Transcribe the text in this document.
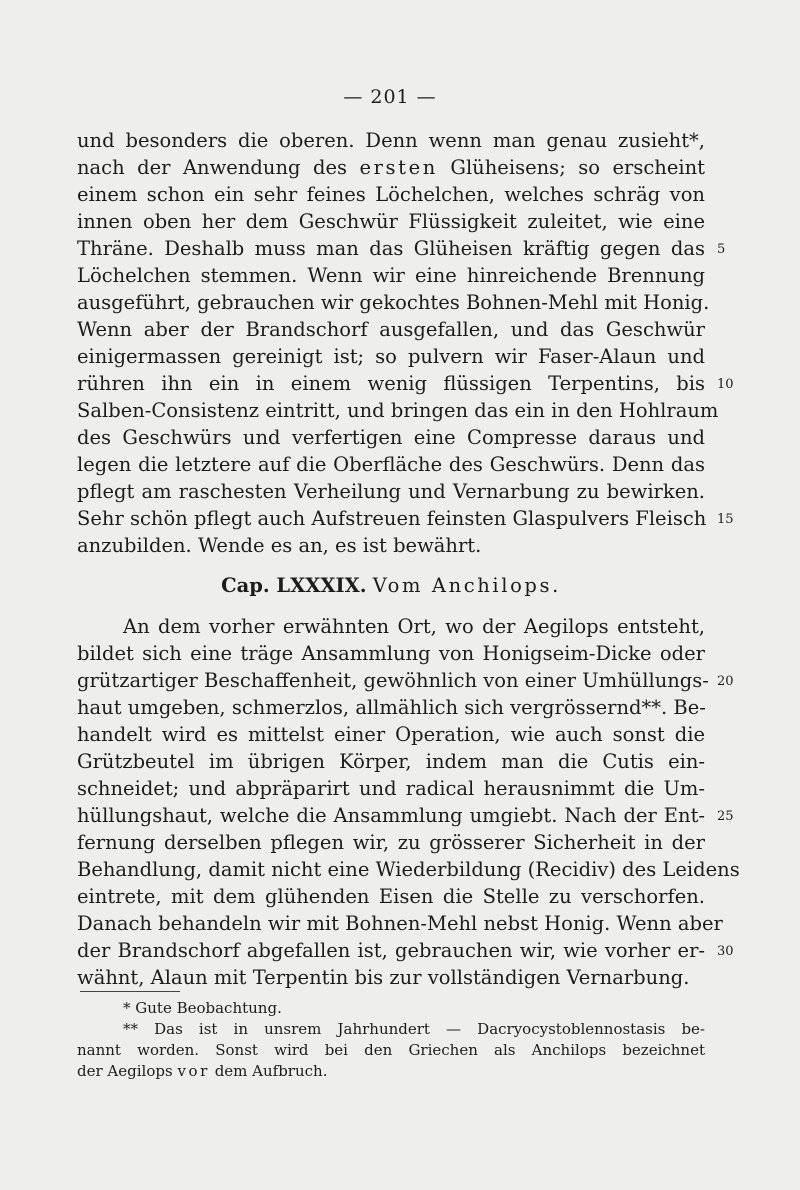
— 201 —
und besonders die oberen. Denn wenn man genau zusieht*,
nach der Anwendung des ersten Glüheisens; so erscheint
einem schon ein sehr feines Löchelchen, welches schräg von
innen oben her dem Geschwür Flüssigkeit zuleitet, wie eine
Thräne. Deshalb muss man das Glüheisen kräftig gegen das
Löchelchen stemmen. Wenn wir eine hinreichende Brennung
ausgeführt, gebrauchen wir gekochtes Bohnen-Mehl mit Honig.
Wenn aber der Brandschorf ausgefallen, und das Geschwür
einigermassen gereinigt ist; so pulvern wir Faser-Alaun und
rühren ihn ein in einem wenig flüssigen Terpentins, bis
Salben-Consistenz eintritt, und bringen das ein in den Hohlraum
des Geschwürs und verfertigen eine Compresse daraus und
legen die letztere auf die Oberfläche des Geschwürs. Denn das
pflegt am raschesten Verheilung und Vernarbung zu bewirken.
Sehr schön pflegt auch Aufstreuen feinsten Glaspulvers Fleisch
anzubilden. Wende es an, es ist bewährt.
Cap. LXXXIX. Vom Anchilops.
An dem vorher erwähnten Ort, wo der Aegilops entsteht,
bildet sich eine träge Ansammlung von Honigseim-Dicke oder
grützartiger Beschaffenheit, gewöhnlich von einer Umhüllungs-
haut umgeben, schmerzlos, allmählich sich vergrössernd**. Be-
handelt wird es mittelst einer Operation, wie auch sonst die
Grützbeutel im übrigen Körper, indem man die Cutis ein-
schneidet; und abpräparirt und radical herausnimmt die Um-
hüllungshaut, welche die Ansammlung umgiebt. Nach der Ent-
fernung derselben pflegen wir, zu grösserer Sicherheit in der
Behandlung, damit nicht eine Wiederbildung (Recidiv) des Leidens
eintrete, mit dem glühenden Eisen die Stelle zu verschorfen.
Danach behandeln wir mit Bohnen-Mehl nebst Honig. Wenn aber
der Brandschorf abgefallen ist, gebrauchen wir, wie vorher er-
wähnt, Alaun mit Terpentin bis zur vollständigen Vernarbung.
5
10
15
20
25
30
* Gute Beobachtung.
** Das ist in unsrem Jahrhundert — Dacryocystoblennostasis be-
nannt worden. Sonst wird bei den Griechen als Anchilops bezeichnet
der Aegilops vor dem Aufbruch.
